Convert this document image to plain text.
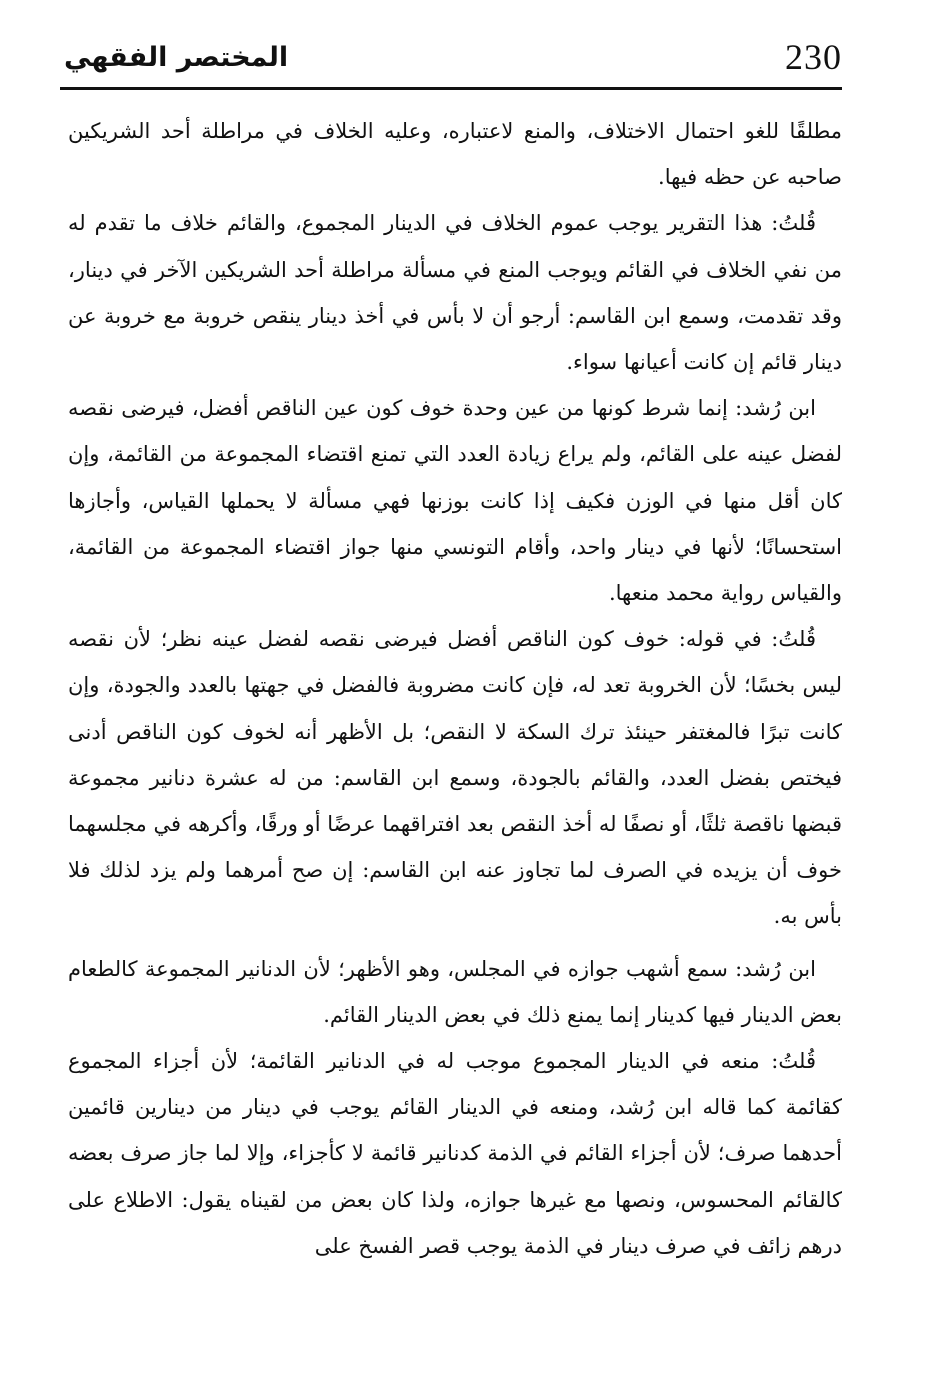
المختصر الفقهي	230

مطلقًا للغو احتمال الاختلاف، والمنع لاعتباره، وعليه الخلاف في مراطلة أحد الشريكين صاحبه عن حظه فيها.

قُلتُ: هذا التقرير يوجب عموم الخلاف في الدينار المجموع، والقائم خلاف ما تقدم له من نفي الخلاف في القائم ويوجب المنع في مسألة مراطلة أحد الشريكين الآخر في دينار، وقد تقدمت، وسمع ابن القاسم: أرجو أن لا بأس في أخذ دينار ينقص خروبة مع خروبة عن دينار قائم إن كانت أعيانها سواء.

ابن رُشد: إنما شرط كونها من عين وحدة خوف كون عين الناقص أفضل، فيرضى نقصه لفضل عينه على القائم، ولم يراع زيادة العدد التي تمنع اقتضاء المجموعة من القائمة، وإن كان أقل منها في الوزن فكيف إذا كانت بوزنها فهي مسألة لا يحملها القياس، وأجازها استحسانًا؛ لأنها في دينار واحد، وأقام التونسي منها جواز اقتضاء المجموعة من القائمة، والقياس رواية محمد منعها.

قُلتُ: في قوله: خوف كون الناقص أفضل فيرضى نقصه لفضل عينه نظر؛ لأن نقصه ليس بخسًا؛ لأن الخروبة تعد له، فإن كانت مضروبة فالفضل في جهتها بالعدد والجودة، وإن كانت تبرًا فالمغتفر حينئذ ترك السكة لا النقص؛ بل الأظهر أنه لخوف كون الناقص أدنى فيختص بفضل العدد، والقائم بالجودة، وسمع ابن القاسم: من له عشرة دنانير مجموعة قبضها ناقصة ثلثًا، أو نصفًا له أخذ النقص بعد افتراقهما عرضًا أو ورقًا، وأكرهه في مجلسهما خوف أن يزيده في الصرف لما تجاوز عنه ابن القاسم: إن صح أمرهما ولم يزد لذلك فلا بأس به.

ابن رُشد: سمع أشهب جوازه في المجلس، وهو الأظهر؛ لأن الدنانير المجموعة كالطعام بعض الدينار فيها كدينار إنما يمنع ذلك في بعض الدينار القائم.

قُلتُ: منعه في الدينار المجموع موجب له في الدنانير القائمة؛ لأن أجزاء المجموع كقائمة كما قاله ابن رُشد، ومنعه في الدينار القائم يوجب في دينار من دينارين قائمين أحدهما صرف؛ لأن أجزاء القائم في الذمة كدنانير قائمة لا كأجزاء، وإلا لما جاز صرف بعضه كالقائم المحسوس، ونصها مع غيرها جوازه، ولذا كان بعض من لقيناه يقول: الاطلاع على درهم زائف في صرف دينار في الذمة يوجب قصر الفسخ على
